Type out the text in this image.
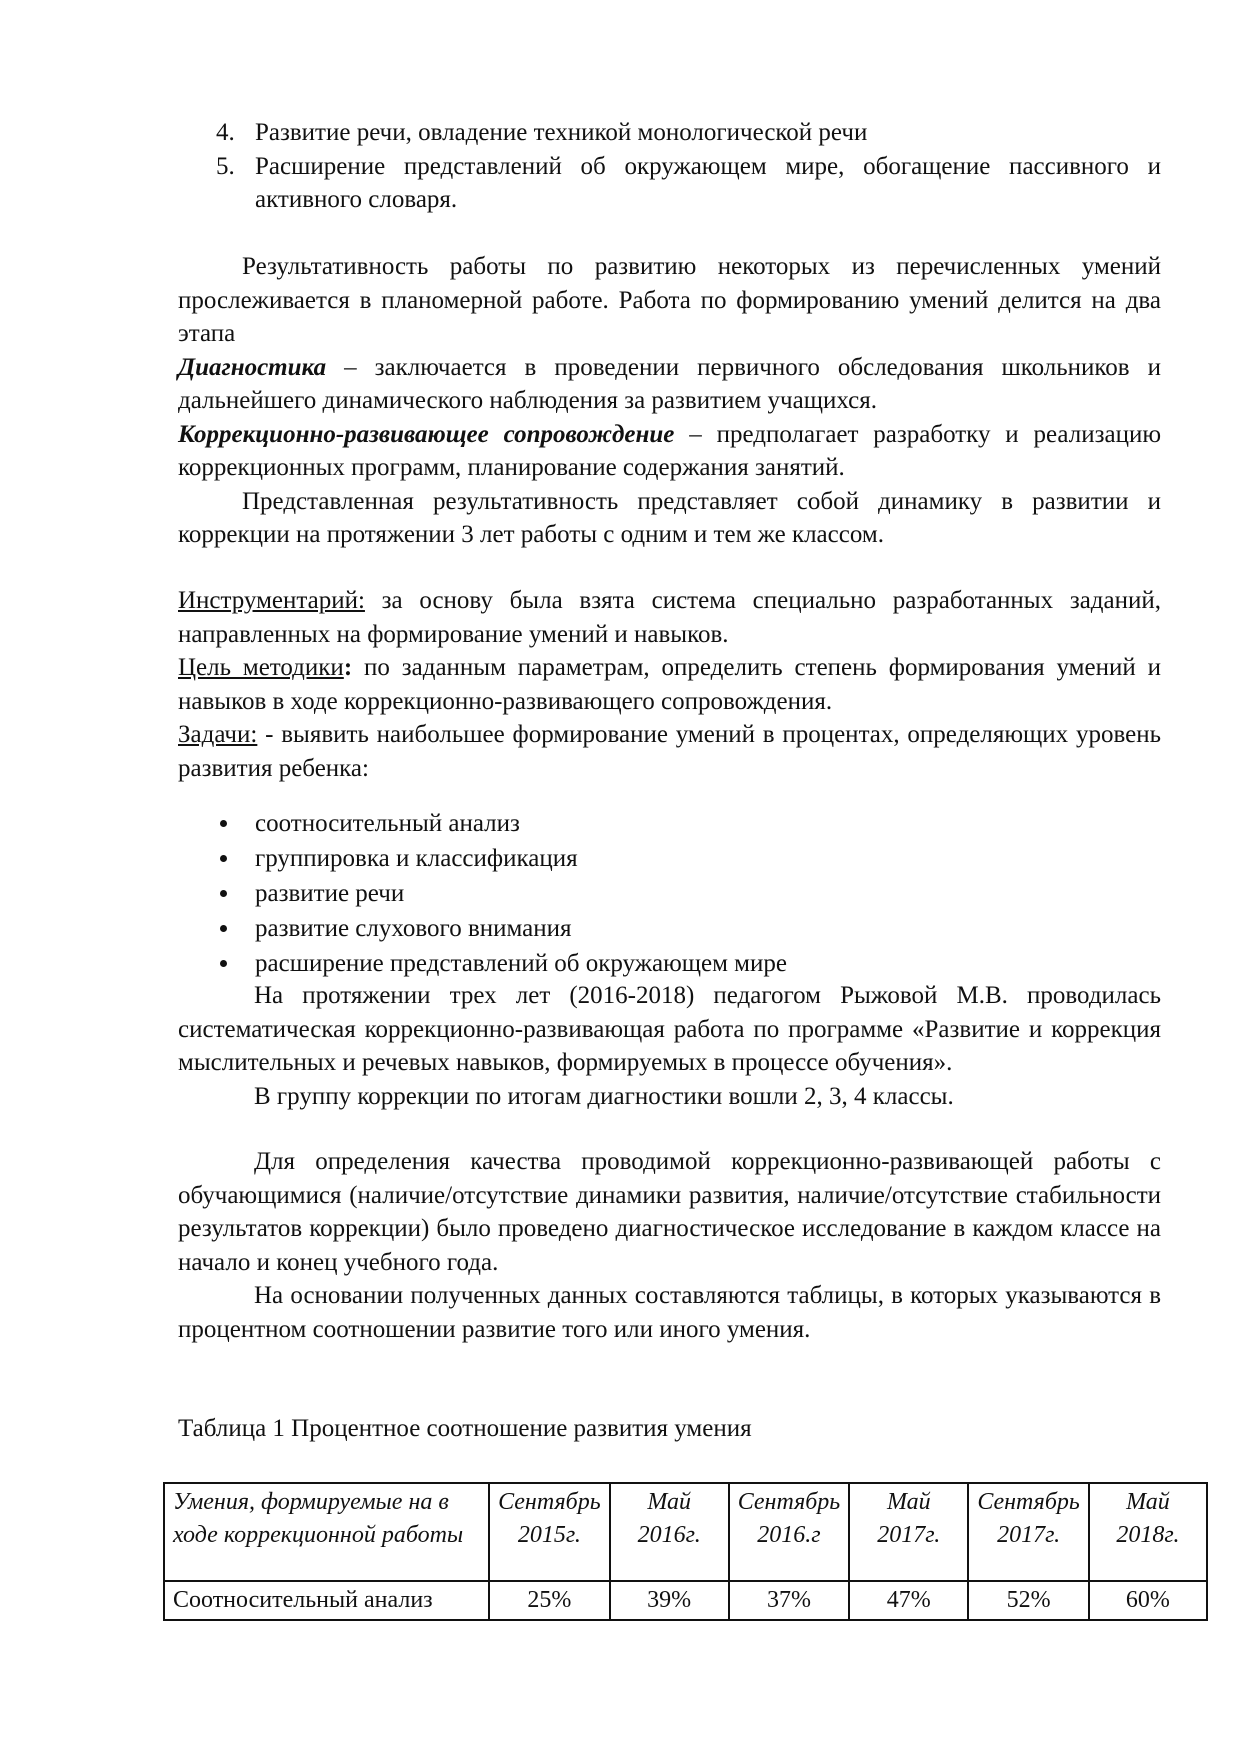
4. Развитие речи, овладение техникой монологической речи
5. Расширение представлений об окружающем мире, обогащение пассивного и
активного словаря.
Результативность работы по развитию некоторых из перечисленных умений
прослеживается в планомерной работе. Работа по формированию умений делится на два
этапа
Диагностика – заключается в проведении первичного обследования школьников и
дальнейшего динамического наблюдения за развитием учащихся.
Коррекционно-развивающее сопровождение – предполагает разработку и реализацию
коррекционных программ, планирование содержания занятий.
Представленная результативность представляет собой динамику в развитии и
коррекции на протяжении 3 лет работы с одним и тем же классом.
Инструментарий: за основу была взята система специально разработанных заданий,
направленных на формирование умений и навыков.
Цель методики: по заданным параметрам, определить степень формирования умений и
навыков в ходе коррекционно-развивающего сопровождения.
Задачи: - выявить наибольшее формирование умений в процентах, определяющих уровень
развития ребенка:
соотносительный анализ
группировка и классификация
развитие речи
развитие слухового внимания
расширение представлений об окружающем мире
На протяжении трех лет (2016-2018) педагогом Рыжовой М.В. проводилась
систематическая коррекционно-развивающая работа по программе «Развитие и коррекция
мыслительных и речевых навыков, формируемых в процессе обучения».
В группу коррекции по итогам диагностики вошли 2, 3, 4 классы.
Для определения качества проводимой коррекционно-развивающей работы с
обучающимися (наличие/отсутствие динамики развития, наличие/отсутствие стабильности
результатов коррекции) было проведено диагностическое исследование в каждом классе на
начало и конец учебного года.
На основании полученных данных составляются таблицы, в которых указываются в
процентном соотношении развитие того или иного умения.
Таблица 1 Процентное соотношение развития умения
Умения, формируемые на в ходе коррекционной работы	Сентябрь 2015г.	Май 2016г.	Сентябрь 2016.г	Май 2017г.	Сентябрь 2017г.	Май 2018г.
Соотносительный анализ	25%	39%	37%	47%	52%	60%
